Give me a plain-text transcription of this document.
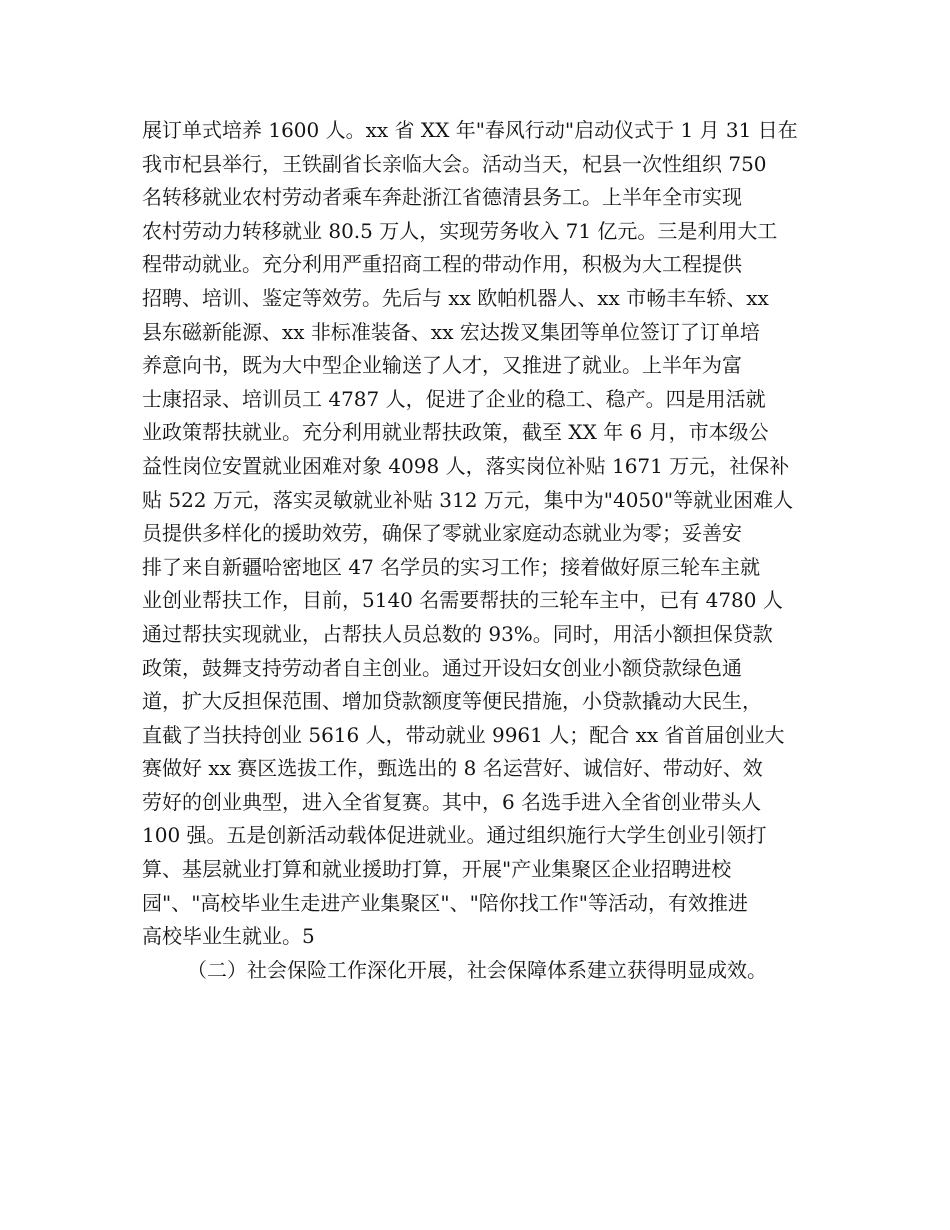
展订单式培养 1600 人。xx 省 XX 年"春风行动"启动仪式于 1 月 31 日在
我市杞县举行，王铁副省长亲临大会。活动当天，杞县一次性组织 750
名转移就业农村劳动者乘车奔赴浙江省德清县务工。上半年全市实现
农村劳动力转移就业 80.5 万人，实现劳务收入 71 亿元。三是利用大工
程带动就业。充分利用严重招商工程的带动作用，积极为大工程提供
招聘、培训、鉴定等效劳。先后与 xx 欧帕机器人、xx 市畅丰车轿、xx
县东磁新能源、xx 非标准装备、xx 宏达拨叉集团等单位签订了订单培
养意向书，既为大中型企业输送了人才，又推进了就业。上半年为富
士康招录、培训员工 4787 人，促进了企业的稳工、稳产。四是用活就
业政策帮扶就业。充分利用就业帮扶政策，截至 XX 年 6 月，市本级公
益性岗位安置就业困难对象 4098 人，落实岗位补贴 1671 万元，社保补
贴 522 万元，落实灵敏就业补贴 312 万元，集中为"4050"等就业困难人
员提供多样化的援助效劳，确保了零就业家庭动态就业为零；妥善安
排了来自新疆哈密地区 47 名学员的实习工作；接着做好原三轮车主就
业创业帮扶工作，目前，5140 名需要帮扶的三轮车主中，已有 4780 人
通过帮扶实现就业，占帮扶人员总数的 93%。同时，用活小额担保贷款
政策，鼓舞支持劳动者自主创业。通过开设妇女创业小额贷款绿色通
道，扩大反担保范围、增加贷款额度等便民措施，小贷款撬动大民生，
直截了当扶持创业 5616 人，带动就业 9961 人；配合 xx 省首届创业大
赛做好 xx 赛区选拔工作，甄选出的 8 名运营好、诚信好、带动好、效
劳好的创业典型，进入全省复赛。其中，6 名选手进入全省创业带头人
100 强。五是创新活动载体促进就业。通过组织施行大学生创业引领打
算、基层就业打算和就业援助打算，开展"产业集聚区企业招聘进校
园"、"高校毕业生走进产业集聚区"、"陪你找工作"等活动，有效推进
高校毕业生就业。5
（二）社会保险工作深化开展，社会保障体系建立获得明显成效。
